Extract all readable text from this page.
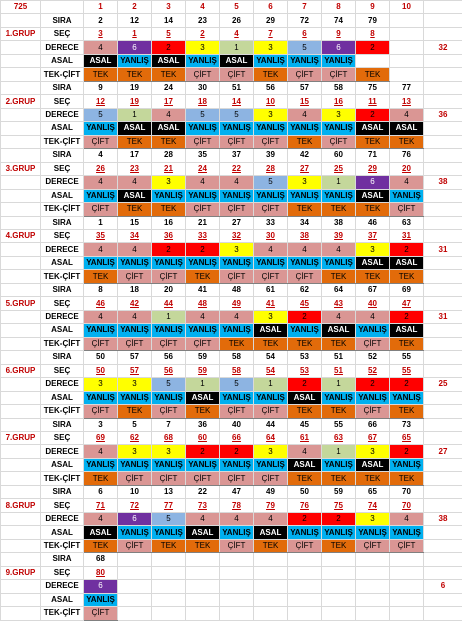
725		1	2	3	4	5	6	7	8	9	10	
	SIRA	2	12	14	23	26	29	72	74	79		
1.GRUP	SEÇ	3	1	5	2	4	7	6	9	8		
	DERECE	4	6	2	3	1	3	5	6	2		32
	ASAL	ASAL	YANLIŞ	ASAL	YANLIŞ	ASAL	YANLIŞ	YANLIŞ	YANLIŞ			
	TEK-ÇİFT	TEK	TEK	TEK	ÇİFT	ÇİFT	TEK	ÇİFT	ÇİFT	TEK		
	SIRA	9	19	24	30	51	56	57	58	75	77	
2.GRUP	SEÇ	12	19	17	18	14	10	15	16	11	13	
	DERECE	5	1	4	5	5	3	4	3	2	4	36
	ASAL	YANLIŞ	ASAL	ASAL	YANLIŞ	YANLIŞ	YANLIŞ	YANLIŞ	YANLIŞ	ASAL	ASAL	
	TEK-ÇİFT	ÇİFT	TEK	TEK	ÇİFT	ÇİFT	ÇİFT	TEK	ÇİFT	TEK	TEK	
	SIRA	4	17	28	35	37	39	42	60	71	76	
3.GRUP	SEÇ	26	23	21	24	22	28	27	25	29	20	
	DERECE	4	4	3	4	4	5	3	1	6	4	38
	ASAL	YANLIŞ	ASAL	YANLIŞ	YANLIŞ	YANLIŞ	YANLIŞ	YANLIŞ	YANLIŞ	ASAL	YANLIŞ	
	TEK-ÇİFT	ÇİFT	TEK	TEK	ÇİFT	ÇİFT	ÇİFT	TEK	TEK	TEK	ÇİFT	
	SIRA	1	15	16	21	27	33	34	38	46	63	
4.GRUP	SEÇ	35	34	36	33	32	30	38	39	37	31	
	DERECE	4	4	2	2	3	4	4	4	3	2	31
	ASAL	YANLIŞ	YANLIŞ	YANLIŞ	YANLIŞ	YANLIŞ	YANLIŞ	YANLIŞ	YANLIŞ	ASAL	ASAL	
	TEK-ÇİFT	TEK	ÇİFT	ÇİFT	TEK	ÇİFT	ÇİFT	ÇİFT	TEK	TEK	TEK	
	SIRA	8	18	20	41	48	61	62	64	67	69	
5.GRUP	SEÇ	46	42	44	48	49	41	45	43	40	47	
	DERECE	4	4	1	4	4	3	2	4	4	2	31
	ASAL	YANLIŞ	YANLIŞ	YANLIŞ	YANLIŞ	YANLIŞ	ASAL	YANLIŞ	ASAL	YANLIŞ	ASAL	
	TEK-ÇİFT	ÇİFT	ÇİFT	ÇİFT	ÇİFT	TEK	TEK	TEK	TEK	ÇİFT	TEK	
	SIRA	50	57	56	59	58	54	53	51	52	55	
6.GRUP	SEÇ	50	57	56	59	58	54	53	51	52	55	
	DERECE	3	3	5	1	5	1	2	1	2	2	25
	ASAL	YANLIŞ	YANLIŞ	YANLIŞ	ASAL	YANLIŞ	YANLIŞ	ASAL	YANLIŞ	YANLIŞ	YANLIŞ	
	TEK-ÇİFT	ÇİFT	TEK	ÇİFT	TEK	ÇİFT	ÇİFT	TEK	TEK	ÇİFT	TEK	
	SIRA	3	5	7	36	40	44	45	55	66	73	
7.GRUP	SEÇ	69	62	68	60	66	64	61	63	67	65	
	DERECE	4	3	3	2	2	3	4	1	3	2	27
	ASAL	YANLIŞ	YANLIŞ	YANLIŞ	YANLIŞ	YANLIŞ	YANLIŞ	ASAL	YANLIŞ	ASAL	YANLIŞ	
	TEK-ÇİFT	TEK	ÇİFT	ÇİFT	ÇİFT	ÇİFT	ÇİFT	TEK	TEK	TEK	TEK	
	SIRA	6	10	13	22	47	49	50	59	65	70	
8.GRUP	SEÇ	71	72	77	73	78	79	76	75	74	70	
	DERECE	4	6	5	4	4	4	2	2	3	4	38
	ASAL	ASAL	YANLIŞ	YANLIŞ	ASAL	YANLIŞ	ASAL	YANLIŞ	YANLIŞ	YANLIŞ	YANLIŞ	
	TEK-ÇİFT	TEK	ÇİFT	TEK	TEK	ÇİFT	TEK	ÇİFT	TEK	ÇİFT	ÇİFT	
	SIRA	68										
9.GRUP	SEÇ	80										
	DERECE	6										6
	ASAL	YANLIŞ										
	TEK-ÇİFT	ÇİFT										
